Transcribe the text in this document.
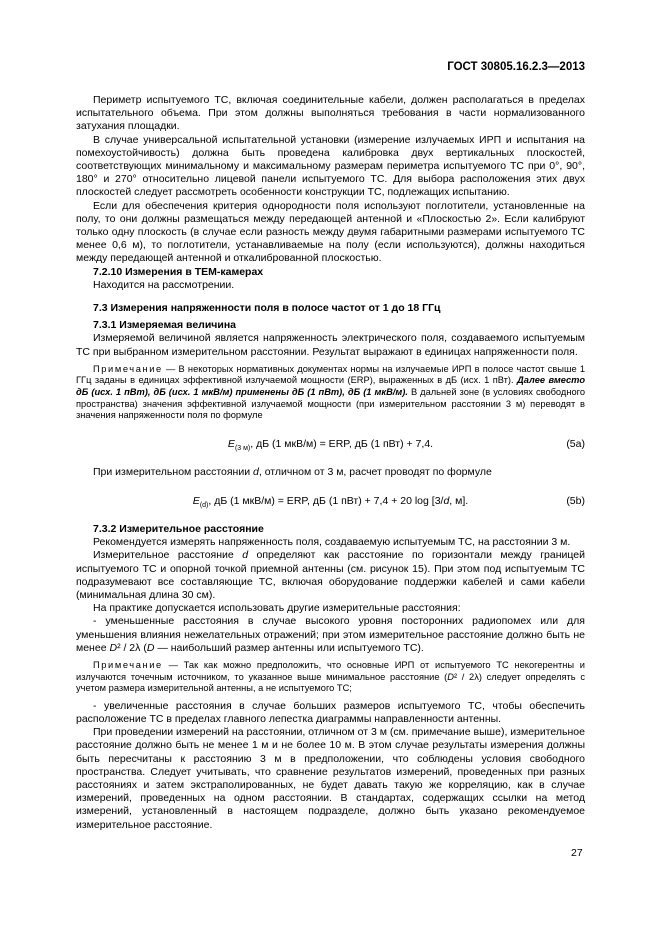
ГОСТ 30805.16.2.3—2013

Периметр испытуемого ТС, включая соединительные кабели, должен располагаться в пределах испытательного объема. При этом должны выполняться требования в части нормализованного затухания площадки.

В случае универсальной испытательной установки (измерение излучаемых ИРП и испытания на помехоустойчивость) должна быть проведена калибровка двух вертикальных плоскостей, соответствующих минимальному и максимальному размерам периметра испытуемого ТС при 0°, 90°, 180° и 270° относительно лицевой панели испытуемого ТС. Для выбора расположения этих двух плоскостей следует рассмотреть особенности конструкции ТС, подлежащих испытанию.

Если для обеспечения критерия однородности поля используют поглотители, установленные на полу, то они должны размещаться между передающей антенной и «Плоскостью 2». Если калибруют только одну плоскость (в случае если разность между двумя габаритными размерами испытуемого ТС менее 0,6 м), то поглотители, устанавливаемые на полу (если используются), должны находиться между передающей антенной и откалиброванной плоскостью.

7.2.10 Измерения в ТЕМ-камерах

Находится на рассмотрении.

7.3 Измерения напряженности поля в полосе частот от 1 до 18 ГГц

7.3.1 Измеряемая величина

Измеряемой величиной является напряженность электрического поля, создаваемого испытуемым ТС при выбранном измерительном расстоянии. Результат выражают в единицах напряженности поля.

Примечание — В некоторых нормативных документах нормы на излучаемые ИРП в полосе частот свыше 1 ГГц заданы в единицах эффективной излучаемой мощности (ERP), выраженных в дБ (исх. 1 пВт). Далее вместо дБ (исх. 1 пВт), дБ (исх. 1 мкВ/м) применены дБ (1 пВт), дБ (1 мкВ/м). В дальней зоне (в условиях свободного пространства) значения эффективной излучаемой мощности (при измерительном расстоянии 3 м) переводят в значения напряженности поля по формуле

$E_{(3 м)}$, дБ (1 мкВ/м) = ERP, дБ (1 пВт) + 7,4.	(5a)

При измерительном расстоянии d, отличном от 3 м, расчет проводят по формуле

$E_{(d)}$, дБ (1 мкВ/м) = ERP, дБ (1 пВт) + 7,4 + 20 log [3/d, м].	(5b)

7.3.2 Измерительное расстояние

Рекомендуется измерять напряженность поля, создаваемую испытуемым ТС, на расстоянии 3 м.

Измерительное расстояние d определяют как расстояние по горизонтали между границей испытуемого ТС и опорной точкой приемной антенны (см. рисунок 15). При этом под испытуемым ТС подразумевают все составляющие ТС, включая оборудование поддержки кабелей и сами кабели (минимальная длина 30 см).

На практике допускается использовать другие измерительные расстояния:

- уменьшенные расстояния в случае высокого уровня посторонних радиопомех или для уменьшения влияния нежелательных отражений; при этом измерительное расстояние должно быть не менее D² / 2λ (D — наибольший размер антенны или испытуемого ТС).

Примечание — Так как можно предположить, что основные ИРП от испытуемого ТС некогерентны и излучаются точечным источником, то указанное выше минимальное расстояние (D² / 2λ) следует определять с учетом размера измерительной антенны, а не испытуемого ТС;

- увеличенные расстояния в случае больших размеров испытуемого ТС, чтобы обеспечить расположение ТС в пределах главного лепестка диаграммы направленности антенны.

При проведении измерений на расстоянии, отличном от 3 м (см. примечание выше), измерительное расстояние должно быть не менее 1 м и не более 10 м. В этом случае результаты измерения должны быть пересчитаны к расстоянию 3 м в предположении, что соблюдены условия свободного пространства. Следует учитывать, что сравнение результатов измерений, проведенных при разных расстояниях и затем экстраполированных, не будет давать такую же корреляцию, как в случае измерений, проведенных на одном расстоянии. В стандартах, содержащих ссылки на метод измерений, установленный в настоящем подразделе, должно быть указано рекомендуемое измерительное расстояние.

27
